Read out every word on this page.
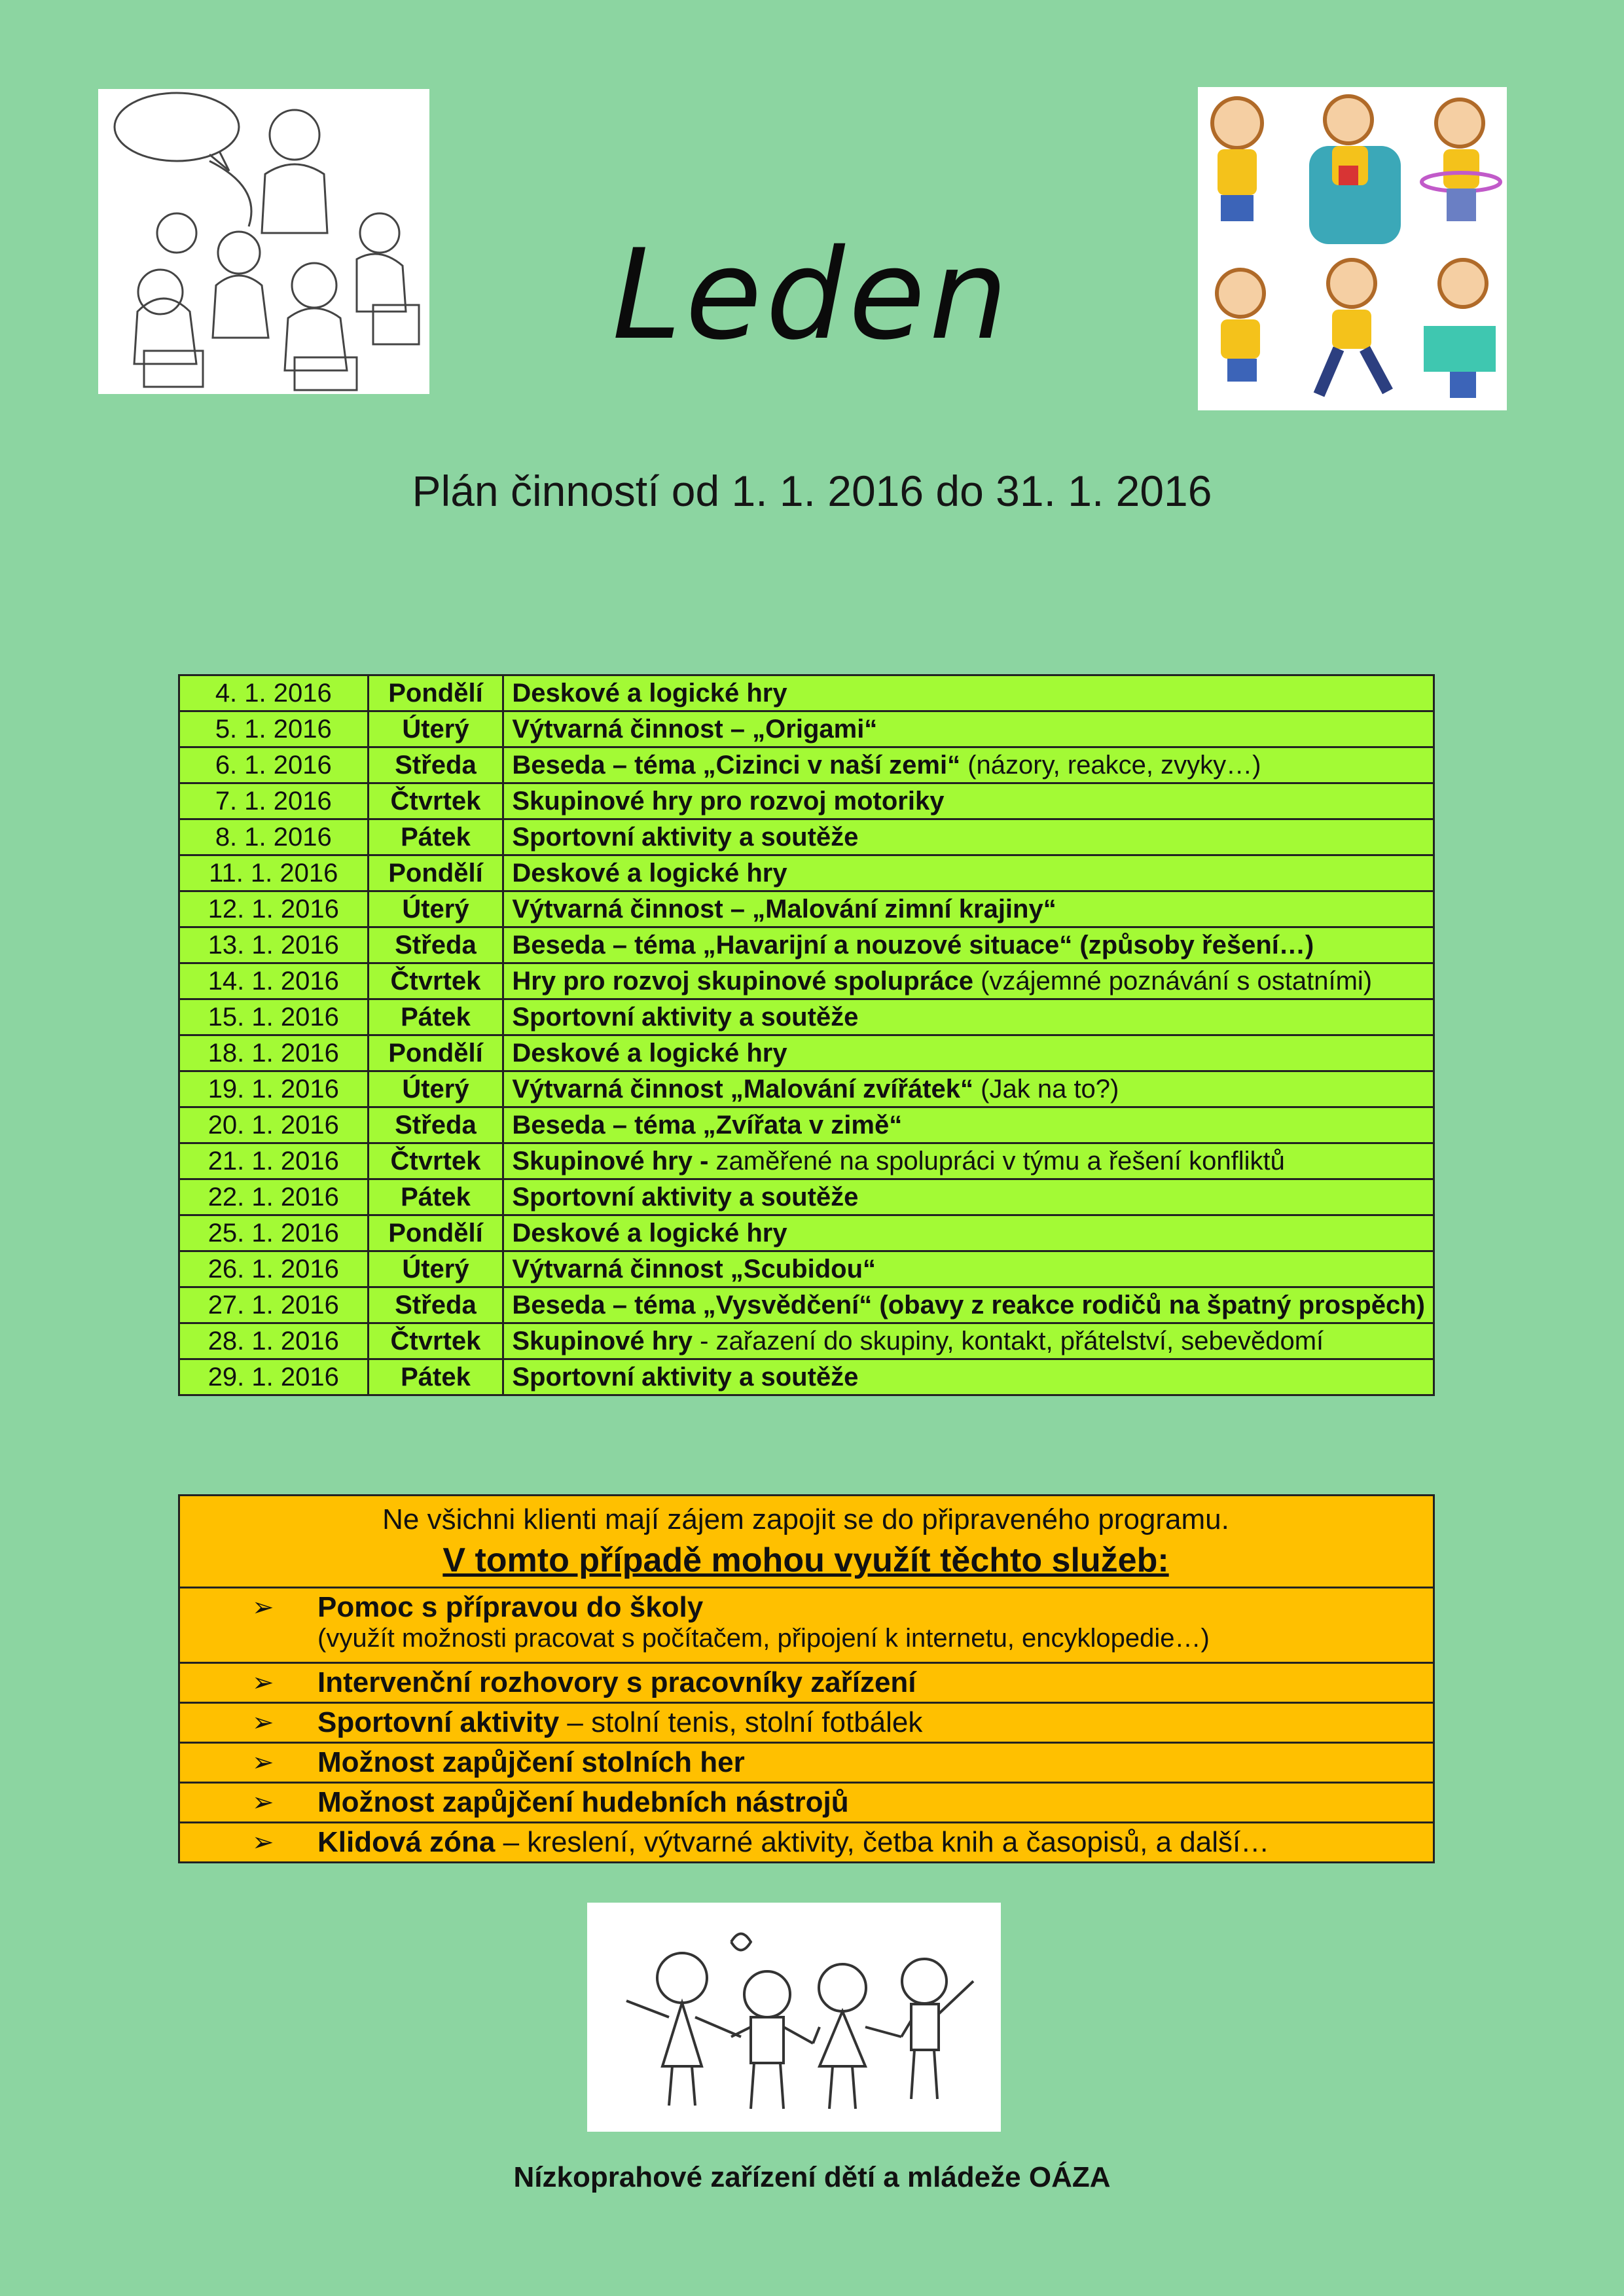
Leden
Plán činností od 1. 1. 2016 do 31. 1. 2016
4. 1. 2016	Pondělí	Deskové a logické hry
5. 1. 2016	Úterý	Výtvarná činnost – „Origami“
6. 1. 2016	Středa	Beseda – téma „Cizinci v naší zemi“ (názory, reakce, zvyky…)
7. 1. 2016	Čtvrtek	Skupinové hry pro rozvoj motoriky
8. 1. 2016	Pátek	Sportovní aktivity a soutěže
11. 1. 2016	Pondělí	Deskové a logické hry
12. 1. 2016	Úterý	Výtvarná činnost – „Malování zimní krajiny“
13. 1. 2016	Středa	Beseda – téma „Havarijní a nouzové situace“ (způsoby řešení…)
14. 1. 2016	Čtvrtek	Hry pro rozvoj skupinové spolupráce (vzájemné poznávání s ostatními)
15. 1. 2016	Pátek	Sportovní aktivity a soutěže
18. 1. 2016	Pondělí	Deskové a logické hry
19. 1. 2016	Úterý	Výtvarná činnost „Malování zvířátek“ (Jak na to?)
20. 1. 2016	Středa	Beseda – téma „Zvířata v zimě“
21. 1. 2016	Čtvrtek	Skupinové hry - zaměřené na spolupráci v týmu a řešení konfliktů
22. 1. 2016	Pátek	Sportovní aktivity a soutěže
25. 1. 2016	Pondělí	Deskové a logické hry
26. 1. 2016	Úterý	Výtvarná činnost „Scubidou“
27. 1. 2016	Středa	Beseda – téma „Vysvědčení“ (obavy z reakce rodičů na špatný prospěch)
28. 1. 2016	Čtvrtek	Skupinové hry - zařazení do skupiny, kontakt, přátelství, sebevědomí
29. 1. 2016	Pátek	Sportovní aktivity a soutěže
Ne všichni klienti mají zájem zapojit se do připraveného programu.
V tomto případě mohou využít těchto služeb:

➢	Pomoc s přípravou do školy
(využít možnosti pracovat s počítačem, připojení k internetu, encyklopedie…)

➢	Intervenční rozhovory s pracovníky zařízení

➢	Sportovní aktivity – stolní tenis, stolní fotbálek

➢	Možnost zapůjčení stolních her

➢	Možnost zapůjčení hudebních nástrojů

➢	Klidová zóna – kreslení, výtvarné aktivity, četba knih a časopisů, a další…
Nízkoprahové zařízení dětí a mládeže OÁZA
